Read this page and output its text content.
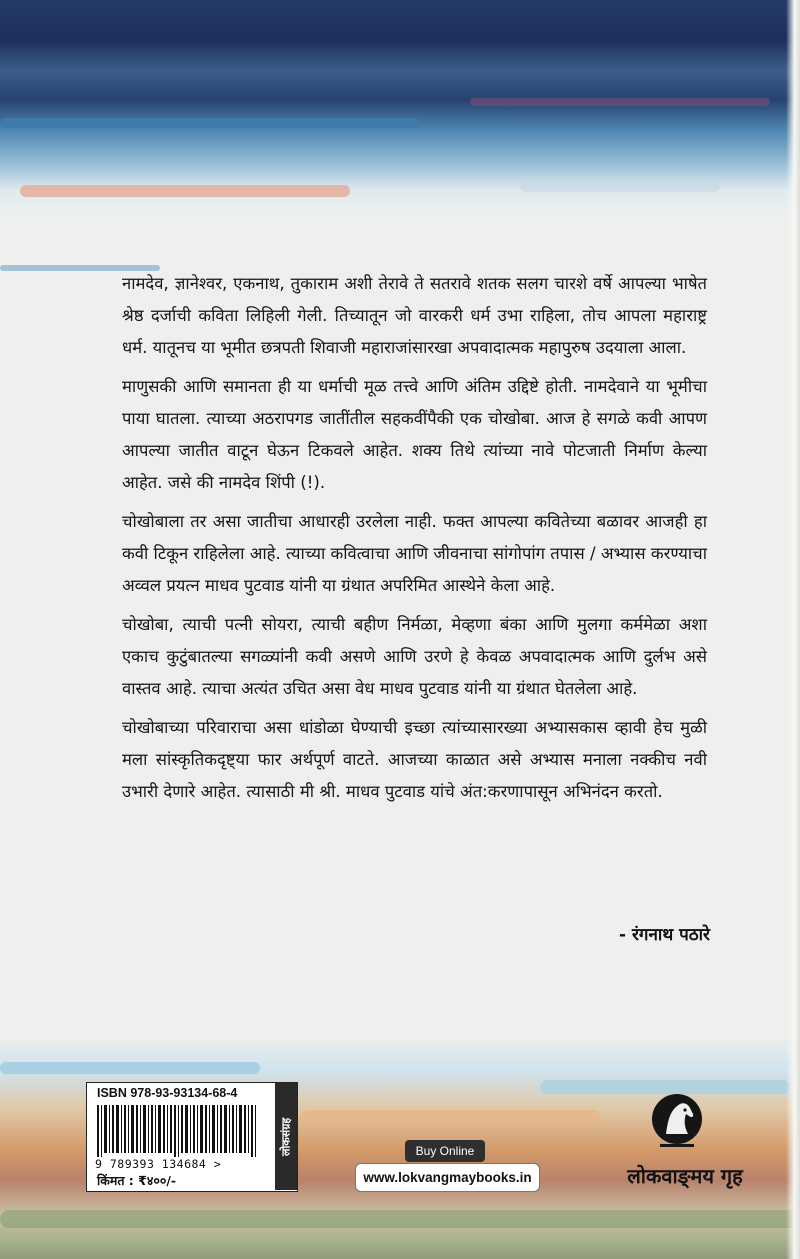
नामदेव, ज्ञानेश्वर, एकनाथ, तुकाराम अशी तेरावे ते सतरावे शतक सलग चारशे वर्षे आपल्या भाषेत श्रेष्ठ दर्जाची कविता लिहिली गेली. तिच्यातून जो वारकरी धर्म उभा राहिला, तोच आपला महाराष्ट्र धर्म. यातूनच या भूमीत छत्रपती शिवाजी महाराजांसारखा अपवादात्मक महापुरुष उदयाला आला.

माणुसकी आणि समानता ही या धर्माची मूळ तत्त्वे आणि अंतिम उद्दिष्टे होती. नामदेवाने या भूमीचा पाया घातला. त्याच्या अठरापगड जातींतील सहकवींपैकी एक चोखोबा. आज हे सगळे कवी आपण आपल्या जातीत वाटून घेऊन टिकवले आहेत. शक्य तिथे त्यांच्या नावे पोटजाती निर्माण केल्या आहेत. जसे की नामदेव शिंपी (!).

चोखोबाला तर असा जातीचा आधारही उरलेला नाही. फक्त आपल्या कवितेच्या बळावर आजही हा कवी टिकून राहिलेला आहे. त्याच्या कवित्वाचा आणि जीवनाचा सांगोपांग तपास / अभ्यास करण्याचा अव्वल प्रयत्न माधव पुटवाड यांनी या ग्रंथात अपरिमित आस्थेने केला आहे.

चोखोबा, त्याची पत्नी सोयरा, त्याची बहीण निर्मळा, मेव्हणा बंका आणि मुलगा कर्ममेळा अशा एकाच कुटुंबातल्या सगळ्यांनी कवी असणे आणि उरणे हे केवळ अपवादात्मक आणि दुर्लभ असे वास्तव आहे. त्याचा अत्यंत उचित असा वेध माधव पुटवाड यांनी या ग्रंथात घेतलेला आहे.

चोखोबाच्या परिवाराचा असा धांडोळा घेण्याची इच्छा त्यांच्यासारख्या अभ्यासकास व्हावी हेच मुळी मला सांस्कृतिकदृष्ट्या फार अर्थपूर्ण वाटते. आजच्या काळात असे अभ्यास मनाला नक्कीच नवी उभारी देणारे आहेत. त्यासाठी मी श्री. माधव पुटवाड यांचे अंत:करणापासून अभिनंदन करतो.

- रंगनाथ पठारे
ISBN 978-93-93134-68-4
9 789393 134684 >
किंमत : ₹४००/-
लोकसंग्रह	Buy Online
www.lokvangmaybooks.in	लोकवाङ्‌मय गृह
